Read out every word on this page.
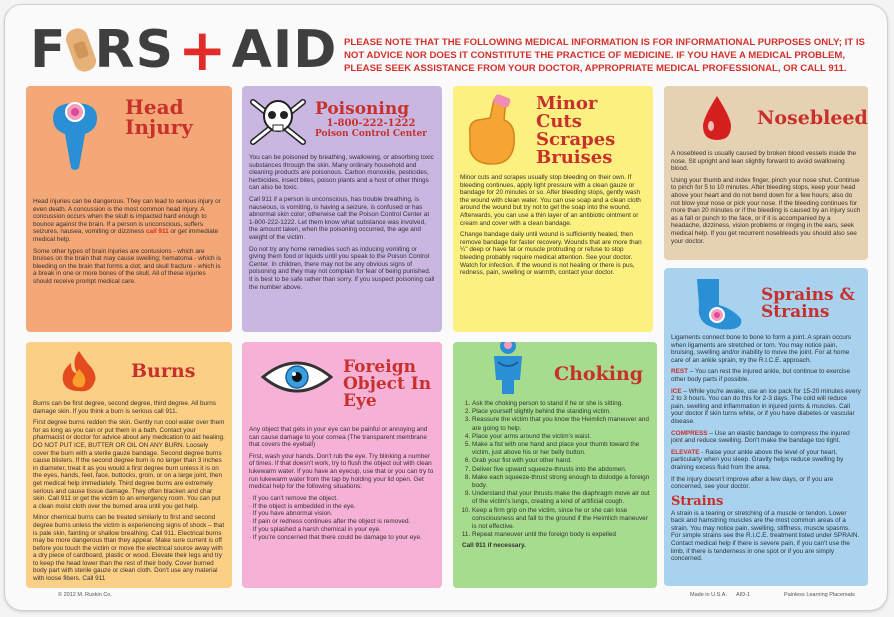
F RS + AID PLEASE NOTE THAT THE FOLLOWING MEDICAL INFORMATION IS FOR INFORMATIONAL PURPOSES ONLY; IT IS NOT ADVICE NOR DOES IT CONSTITUTE THE PRACTICE OF MEDICINE. IF YOU HAVE A MEDICAL PROBLEM, PLEASE SEEK ASSISTANCE FROM YOUR DOCTOR, APPROPRIATE MEDICAL PROFESSIONAL, OR CALL 911.
Head Injury

Head injuries can be dangerous. They can lead to serious injury or even death. A concussion is the most common head injury. A concussion occurs when the skull is impacted hard enough to bounce against the brain. If a person is unconscious, suffers seizures, nausea, vomiting or dizziness call 911 or get immediate medical help.

Some other types of brain injuries are contusions - which are bruises on the brain that may cause swelling; hematoma - which is bleeding on the brain that forms a clot; and skull fracture - which is a break in one or more bones of the skull. All of these injuries should receive prompt medical care.

Poisoning
1-800-222-1222
Poison Control Center

You can be poisoned by breathing, swallowing, or absorbing toxic substances through the skin. Many ordinary household and cleaning products are poisonous. Carbon monoxide, pesticides, herbicides, insect bites, poison plants and a host of other things can also be toxic.

Call 911 if a person is unconscious, has trouble breathing, is nauseous, is vomiting, is having a seizure, is confused or has abnormal skin color; otherwise call the Poison Control Center at 1-800-222-1222. Let them know what substance was involved, the amount taken, when the poisoning occurred, the age and weight of the victim.

Do not try any home remedies such as inducing vomiting or giving them food or liquids until you speak to the Poison Control Center. In children, there may not be any obvious signs of poisoning and they may not complain for fear of being punished. It is best to be safe rather than sorry. If you suspect poisoning call the number above.

Minor Cuts Scrapes Bruises

Minor cuts and scrapes usually stop bleeding on their own. If bleeding continues, apply light pressure with a clean gauze or bandage for 20 minutes or so. After bleeding stops, gently wash the wound with clean water. You can use soap and a clean cloth around the wound but try not to get the soap into the wound. Afterwards, you can use a thin layer of an antibiotic ointment or cream and cover with a clean bandage.

Change bandage daily until wound is sufficiently healed, then remove bandage for faster recovery. Wounds that are more than ¼" deep or have fat or muscle protruding or refuse to stop bleeding probably require medical attention. See your doctor. Watch for infection. If the wound is not healing or there is pus, redness, pain, swelling or warmth, contact your doctor.

Nosebleed

A nosebleed is usually caused by broken blood vessels inside the nose. Sit upright and lean slightly forward to avoid swallowing blood.

Using your thumb and index finger, pinch your nose shut. Continue to pinch for 5 to 10 minutes. After bleeding stops, keep your head above your heart and do not bend down for a few hours; also do not blow your nose or pick your nose. If the bleeding continues for more than 20 minutes or if the bleeding is caused by an injury such as a fall or punch to the face, or if it is accompanied by a headache, dizziness, vision problems or ringing in the ears, seek medical help. If you get recurrent nosebleeds you should also see your doctor.

Sprains & Strains

Ligaments connect bone to bone to form a joint. A sprain occurs when ligaments are stretched or torn. You may notice pain, bruising, swelling and/or inability to move the joint. For at home care of an ankle sprain, try the R.I.C.E. approach.

REST – You can rest the injured ankle, but continue to exercise other body parts if possible.

ICE – While you're awake, use an ice pack for 15-20 minutes every 2 to 3 hours. You can do this for 2-3 days. The cold will reduce pain, swelling and inflammation in injured joints & muscles. Call your doctor if skin turns white, or if you have diabetes or vascular disease.

COMPRESS – Use an elastic bandage to compress the injured joint and reduce swelling. Don't make the bandage too tight.

ELEVATE - Raise your ankle above the level of your heart, particularly when you sleep. Gravity helps reduce swelling by draining excess fluid from the area.

If the injury doesn't improve after a few days, or if you are concerned, see your doctor.

Strains

A strain is a tearing or stretching of a muscle or tendon. Lower back and hamstring muscles are the most common areas of a strain. You may notice pain, swelling, stiffness, muscle spasms. For simple strains see the R.I.C.E. treatment listed under SPRAIN. Contact medical help if there is severe pain, if you can't use the limb, if there is tenderness in one spot or if you are simply concerned.

Burns

Burns can be first degree, second degree, third degree. All burns damage skin. If you think a burn is serious call 911.

First degree burns redden the skin. Gently run cool water over them for as long as you can or put them in a bath. Contact your pharmacist or doctor for advice about any medication to aid healing. DO NOT PUT ICE, BUTTER OR OIL ON ANY BURN. Loosely cover the burn with a sterile gauze bandage. Second degree burns cause blisters. If the second degree burn is no larger than 3 inches in diameter, treat it as you would a first degree burn unless it is on the eyes, hands, feet, face, buttocks, groin, or on a large joint, then get medical help immediately. Third degree burns are extremely serious and cause tissue damage. They often blacken and char skin. Call 911 or get the victim to an emergency room. You can put a clean moist cloth over the burned area until you get help.

Minor chemical burns can be treated similarly to first and second degree burns unless the victim is experiencing signs of shock – that is pale skin, fainting or shallow breathing. Call 911. Electrical burns may be more dangerous than they appear. Make sure current is off before you touch the victim or move the electrical source away with a dry piece of cardboard, plastic or wood. Elevate their legs and try to keep the head lower than the rest of their body. Cover burned body part with sterile gauze or clean cloth. Don't use any material with loose fibers. Call 911

Foreign Object In Eye

Any object that gets in your eye can be painful or annoying and can cause damage to your cornea (The transparent membrane that covers the eyeball)

First, wash your hands. Don't rub the eye. Try blinking a number of times. If that doesn't work, try to flush the object out with clean lukewarm water. If you have an eyecup, use that or you can try to run lukewarm water from the tap by holding your lid open. Get medical help for the following situations:

· If you can't remove the object.
· If the object is embedded in the eye.
· If you have abnormal vision.
· If pain or redness continues after the object is removed.
· If you splashed a harsh chemical in your eye.
· If you're concerned that there could be damage to your eye.
Choking
1. Ask the choking person to stand if he or she is sitting.
2. Place yourself slightly behind the standing victim.
3. Reassure the victim that you know the Heimlich maneuver and are going to help.
4. Place your arms around the victim's waist.
5. Make a fist with one hand and place your thumb toward the victim, just above his or her belly button.
6. Grab your fist with your other hand.
7. Deliver five upward squeeze-thrusts into the abdomen.
8. Make each squeeze-thrust strong enough to dislodge a foreign body.
9. Understand that your thrusts make the diaphragm move air out of the victim's lungs, creating a kind of artificial cough.
10. Keep a firm grip on the victim, since he or she can lose consciousness and fall to the ground if the Heimlich maneuver is not effective.
11. Repeat maneuver until the foreign body is expelled

Call 911 if necessary.

© 2012 M. Ruskin Co.	Made in U.S.A. AID-1	Painless Learning Placemats
